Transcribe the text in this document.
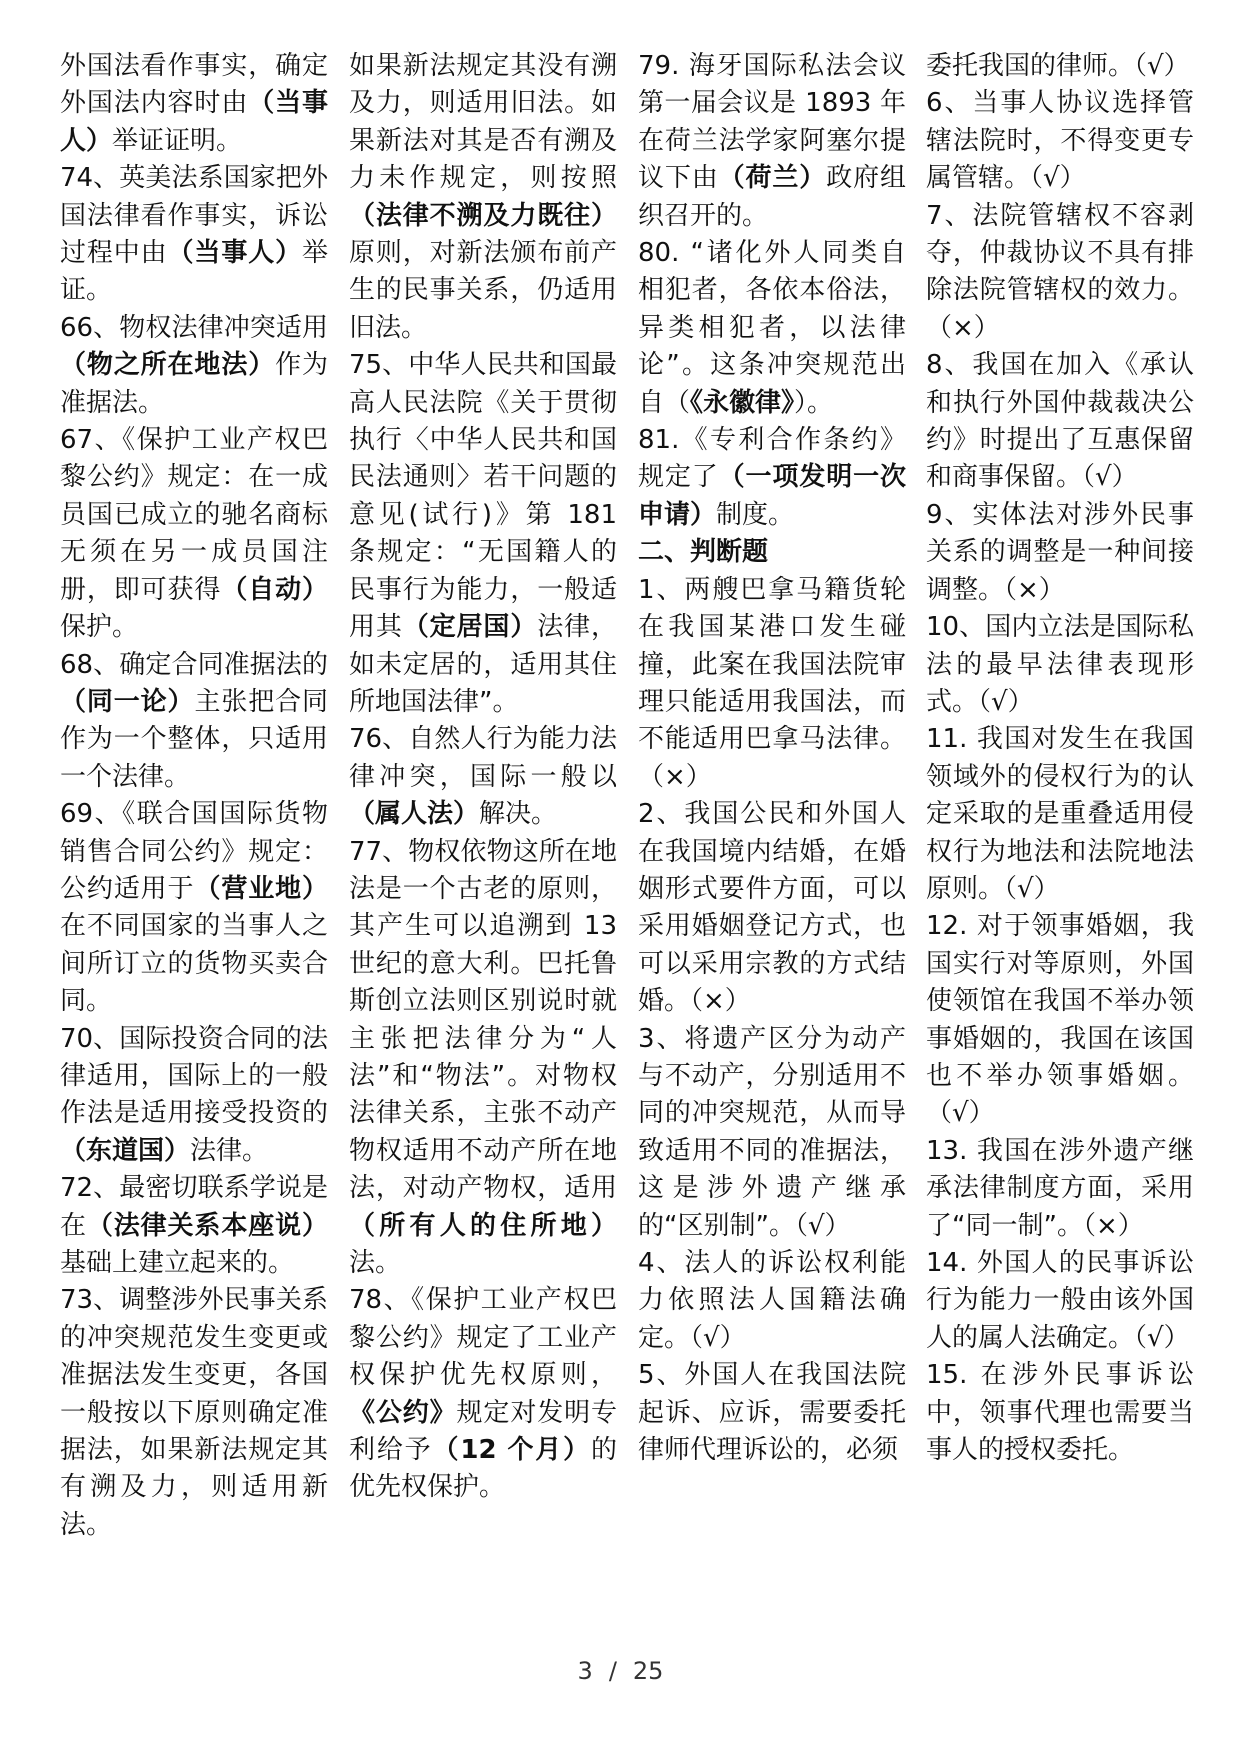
外国法看作事实，确定外国法内容时由（当事人）举证证明。

74、英美法系国家把外国法律看作事实，诉讼过程中由（当事人）举证。

66、物权法律冲突适用（物之所在地法）作为准据法。

67、《保护工业产权巴黎公约》规定：在一成员国已成立的驰名商标无须在另一成员国注册，即可获得（自动）保护。

68、确定合同准据法的（同一论）主张把合同作为一个整体，只适用一个法律。

69、《联合国国际货物销售合同公约》规定：公约适用于（营业地）在不同国家的当事人之间所订立的货物买卖合同。

70、国际投资合同的法律适用，国际上的一般作法是适用接受投资的（东道国）法律。

72、最密切联系学说是在（法律关系本座说）基础上建立起来的。

73、调整涉外民事关系的冲突规范发生变更或准据法发生变更，各国一般按以下原则确定准据法，如果新法规定其有溯及力，则适用新法。

如果新法规定其没有溯及力，则适用旧法。如果新法对其是否有溯及力未作规定，则按照（法律不溯及力既往）原则，对新法颁布前产生的民事关系，仍适用旧法。

75、中华人民共和国最高人民法院《关于贯彻执行〈中华人民共和国民法通则〉若干问题的意见(试行)》第 181 条规定：“无国籍人的民事行为能力，一般适用其（定居国）法律，如未定居的，适用其住所地国法律”。

76、自然人行为能力法律冲突，国际一般以（属人法）解决。

77、物权依物这所在地法是一个古老的原则，其产生可以追溯到 13 世纪的意大利。巴托鲁斯创立法则区别说时就主张把法律分为“人法”和“物法”。对物权法律关系，主张不动产物权适用不动产所在地法，对动产物权，适用（所有人的住所地）法。

78、《保护工业产权巴黎公约》规定了工业产权保护优先权原则，《公约》规定对发明专利给予（12 个月）的优先权保护。

79. 海牙国际私法会议第一届会议是 1893 年在荷兰法学家阿塞尔提议下由（荷兰）政府组织召开的。

80. “诸化外人同类自相犯者，各依本俗法，异类相犯者，以法律论”。这条冲突规范出自（《永徽律》）。

81.《专利合作条约》规定了（一项发明一次申请）制度。

二、判断题

1、两艘巴拿马籍货轮在我国某港口发生碰撞，此案在我国法院审理只能适用我国法，而不能适用巴拿马法律。（×）

2、我国公民和外国人在我国境内结婚，在婚姻形式要件方面，可以采用婚姻登记方式，也可以采用宗教的方式结婚。（×）

3、将遗产区分为动产与不动产，分别适用不同的冲突规范，从而导致适用不同的准据法，这是涉外遗产继承的“区别制”。（√）

4、法人的诉讼权利能力依照法人国籍法确定。（√）

5、外国人在我国法院起诉、应诉，需要委托律师代理诉讼的，必须

委托我国的律师。（√）

6、当事人协议选择管辖法院时，不得变更专属管辖。（√）

7、法院管辖权不容剥夺，仲裁协议不具有排除法院管辖权的效力。（×）

8、我国在加入《承认和执行外国仲裁裁决公约》时提出了互惠保留和商事保留。（√）

9、实体法对涉外民事关系的调整是一种间接调整。（×）

10、国内立法是国际私法的最早法律表现形式。（√）

11. 我国对发生在我国领域外的侵权行为的认定采取的是重叠适用侵权行为地法和法院地法原则。（√）

12. 对于领事婚姻，我国实行对等原则，外国使领馆在我国不举办领事婚姻的，我国在该国也不举办领事婚姻。（√）

13. 我国在涉外遗产继承法律制度方面，采用了“同一制”。（×）

14. 外国人的民事诉讼行为能力一般由该外国人的属人法确定。（√）

15. 在涉外民事诉讼中，领事代理也需要当事人的授权委托。

3 / 25
